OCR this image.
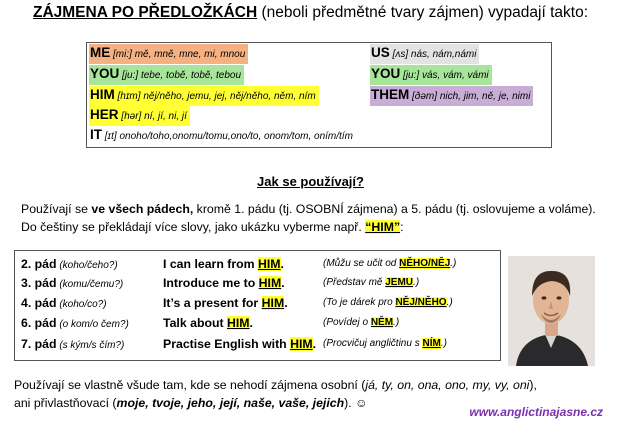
ZÁJMENA PO PŘEDLOŽKÁCH (neboli předmětné tvary zájmen) vypadají takto:
ME [mi:] mě, mně, mne, mi, mnou
YOU [ju:] tebe, tobě, tobě, tebou
HIM [hɪm] něj/něho, jemu, jej, něj/něho, něm, ním
HER [hər] ní, jí, ni, jí
IT [ɪt] onoho/toho,onomu/tomu,ono/to, onom/tom, oním/tím
US [ʌs] nás, nám,námi
YOU [ju:] vás, vám, vámi
THEM [ðəm] nich, jim, ně, je, nimi
Jak se používají?
Používají se ve všech pádech, kromě 1. pádu (tj. OSOBNÍ zájmena) a 5. pádu (tj. oslovujeme a voláme). Do češtiny se překládají více slovy, jako ukázku vyberme např. “HIM”:
2. pád (koho/čeho?)	I can learn from HIM.	(Můžu se učit od NĚHO/NĚJ.)
3. pád (komu/čemu?)	Introduce me to HIM.	(Představ mě JEMU.)
4. pád (koho/co?)	It’s a present for HIM.	(To je dárek pro NĚJ/NĚHO.)
6. pád (o kom/o čem?)	Talk about HIM.	(Povídej o NĚM.)
7. pád (s kým/s čím?)	Practise English with HIM. (Procvičuj angličtinu s NÍM.)
Používají se vlastně všude tam, kde se nehodí zájmena osobní (já, ty, on, ona, ono, my, vy, oni),
ani přivlastňovací (moje, tvoje, jeho, její, naše, vaše, jejich). ☺
www.anglictinajasne.cz
